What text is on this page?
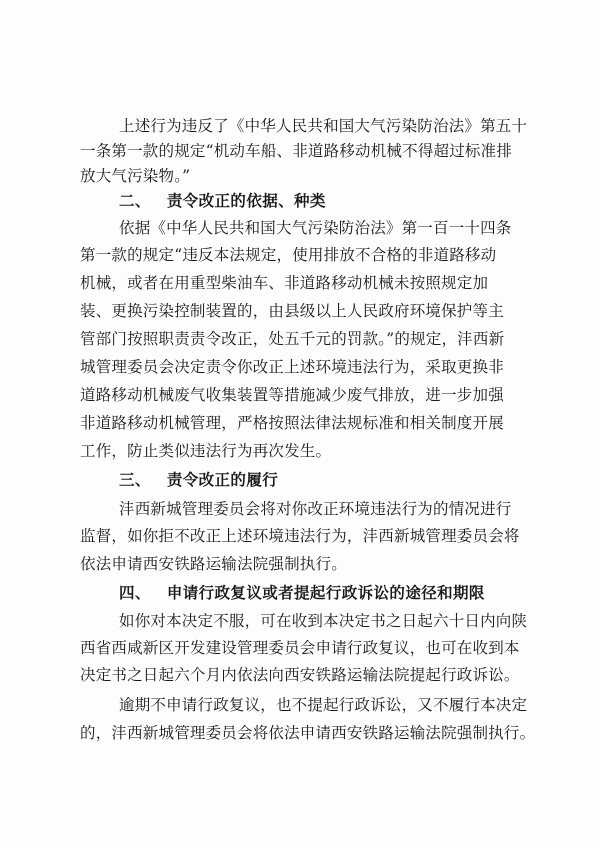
上述行为违反了《中华人民共和国大气污染防治法》第五十
一条第一款的规定“机动车船、非道路移动机械不得超过标准排
放大气污染物。”
二、 责令改正的依据、种类
依据《中华人民共和国大气污染防治法》第一百一十四条
第一款的规定“违反本法规定，使用排放不合格的非道路移动
机械，或者在用重型柴油车、非道路移动机械未按照规定加
装、更换污染控制装置的，由县级以上人民政府环境保护等主
管部门按照职责责令改正，处五千元的罚款。”的规定，沣西新
城管理委员会决定责令你改正上述环境违法行为，采取更换非
道路移动机械废气收集装置等措施减少废气排放，进一步加强
非道路移动机械管理，严格按照法律法规标准和相关制度开展
工作，防止类似违法行为再次发生。
三、 责令改正的履行
沣西新城管理委员会将对你改正环境违法行为的情况进行
监督，如你拒不改正上述环境违法行为，沣西新城管理委员会将
依法申请西安铁路运输法院强制执行。
四、 申请行政复议或者提起行政诉讼的途径和期限
如你对本决定不服，可在收到本决定书之日起六十日内向陕
西省西咸新区开发建设管理委员会申请行政复议，也可在收到本
决定书之日起六个月内依法向西安铁路运输法院提起行政诉讼。
逾期不申请行政复议，也不提起行政诉讼，又不履行本决定
的，沣西新城管理委员会将依法申请西安铁路运输法院强制执行。
